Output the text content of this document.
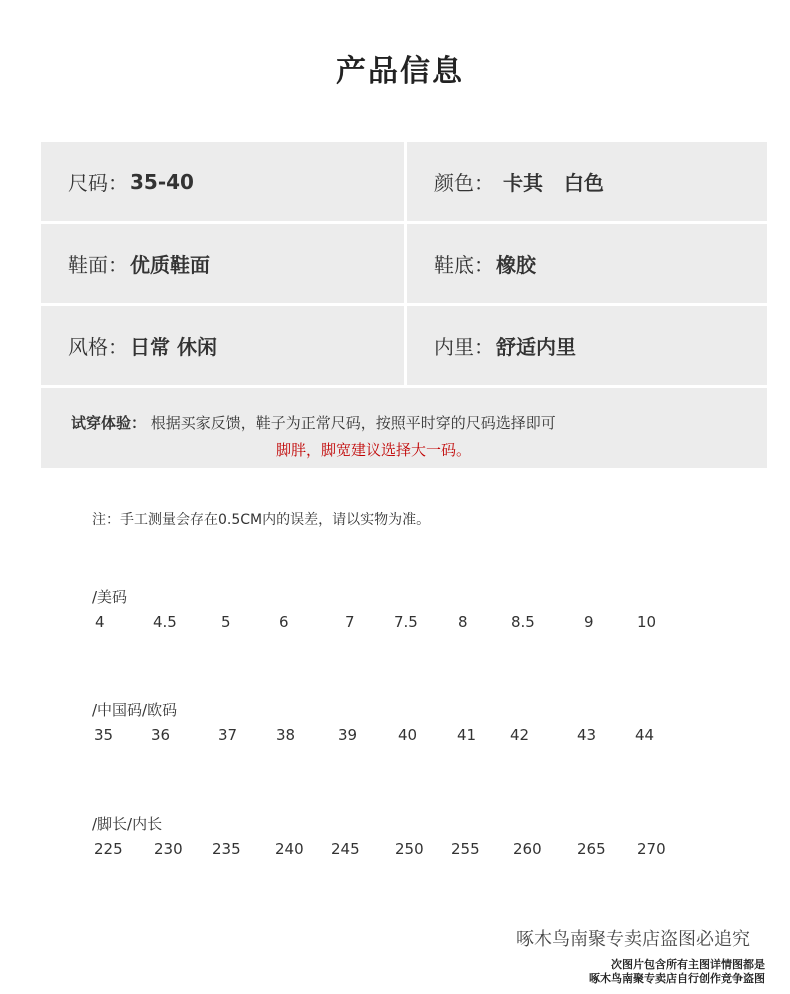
产品信息
尺码： 35-40	颜色： 卡其   白色
鞋面： 优质鞋面	鞋底： 橡胶
风格： 日常 休闲	内里： 舒适内里
试穿体验： 根据买家反馈，鞋子为正常尺码，按照平时穿的尺码选择即可
脚胖，脚宽建议选择大一码。
注：手工测量会存在0.5CM内的误差，请以实物为准。
/美码
4	4.5	5	6	7	7.5	8	8.5	9	10
/中国码/欧码
35	36	37	38	39	40	41 42	43	44
/脚长/内长
225 230 235 240 245 250 255 260 265 270
啄木鸟南聚专卖店盗图必追究
次图片包含所有主图详情图都是
啄木鸟南聚专卖店自行创作竞争盗图
